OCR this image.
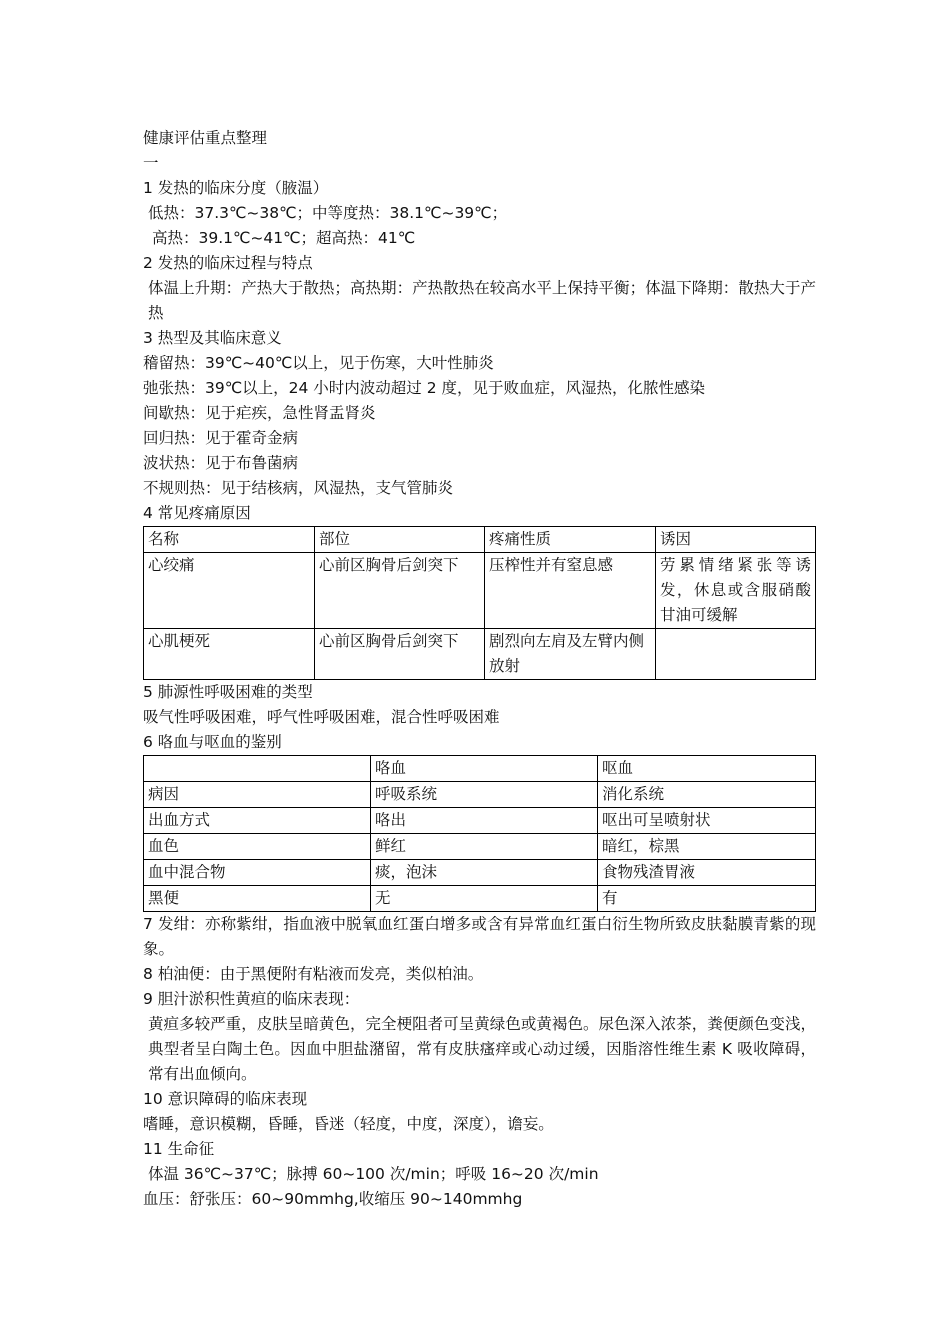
健康评估重点整理
一
1 发热的临床分度（腋温）
低热：37.3℃~38℃；中等度热：38.1℃~39℃；
高热：39.1℃~41℃；超高热：41℃
2 发热的临床过程与特点
体温上升期：产热大于散热；高热期：产热散热在较高水平上保持平衡；体温下降期：散热大于产热
3 热型及其临床意义
稽留热：39℃~40℃以上，见于伤寒，大叶性肺炎
弛张热：39℃以上，24 小时内波动超过 2 度，见于败血症，风湿热，化脓性感染
间歇热：见于疟疾，急性肾盂肾炎
回归热：见于霍奇金病
波状热：见于布鲁菌病
不规则热：见于结核病，风湿热，支气管肺炎
4 常见疼痛原因
名称	部位	疼痛性质	诱因
心绞痛	心前区胸骨后剑突下	压榨性并有窒息感	劳累情绪紧张等诱发，休息或含服硝酸甘油可缓解
心肌梗死	心前区胸骨后剑突下	剧烈向左肩及左臂内侧放射	
5 肺源性呼吸困难的类型
吸气性呼吸困难，呼气性呼吸困难，混合性呼吸困难
6 咯血与呕血的鉴别
	咯血	呕血
病因	呼吸系统	消化系统
出血方式	咯出	呕出可呈喷射状
血色	鲜红	暗红，棕黑
血中混合物	痰，泡沫	食物残渣胃液
黑便	无	有
7 发绀：亦称紫绀，指血液中脱氧血红蛋白增多或含有异常血红蛋白衍生物所致皮肤黏膜青紫的现象。
8 柏油便：由于黑便附有粘液而发亮，类似柏油。
9 胆汁淤积性黄疸的临床表现：
黄疸多较严重，皮肤呈暗黄色，完全梗阻者可呈黄绿色或黄褐色。尿色深入浓茶，粪便颜色变浅，典型者呈白陶土色。因血中胆盐潴留，常有皮肤瘙痒或心动过缓，因脂溶性维生素 K 吸收障碍，常有出血倾向。
10 意识障碍的临床表现
嗜睡，意识模糊，昏睡，昏迷（轻度，中度，深度），谵妄。
11 生命征
体温 36℃~37℃；脉搏 60~100 次/min；呼吸 16~20 次/min
血压：舒张压：60~90mmhg,收缩压 90~140mmhg
